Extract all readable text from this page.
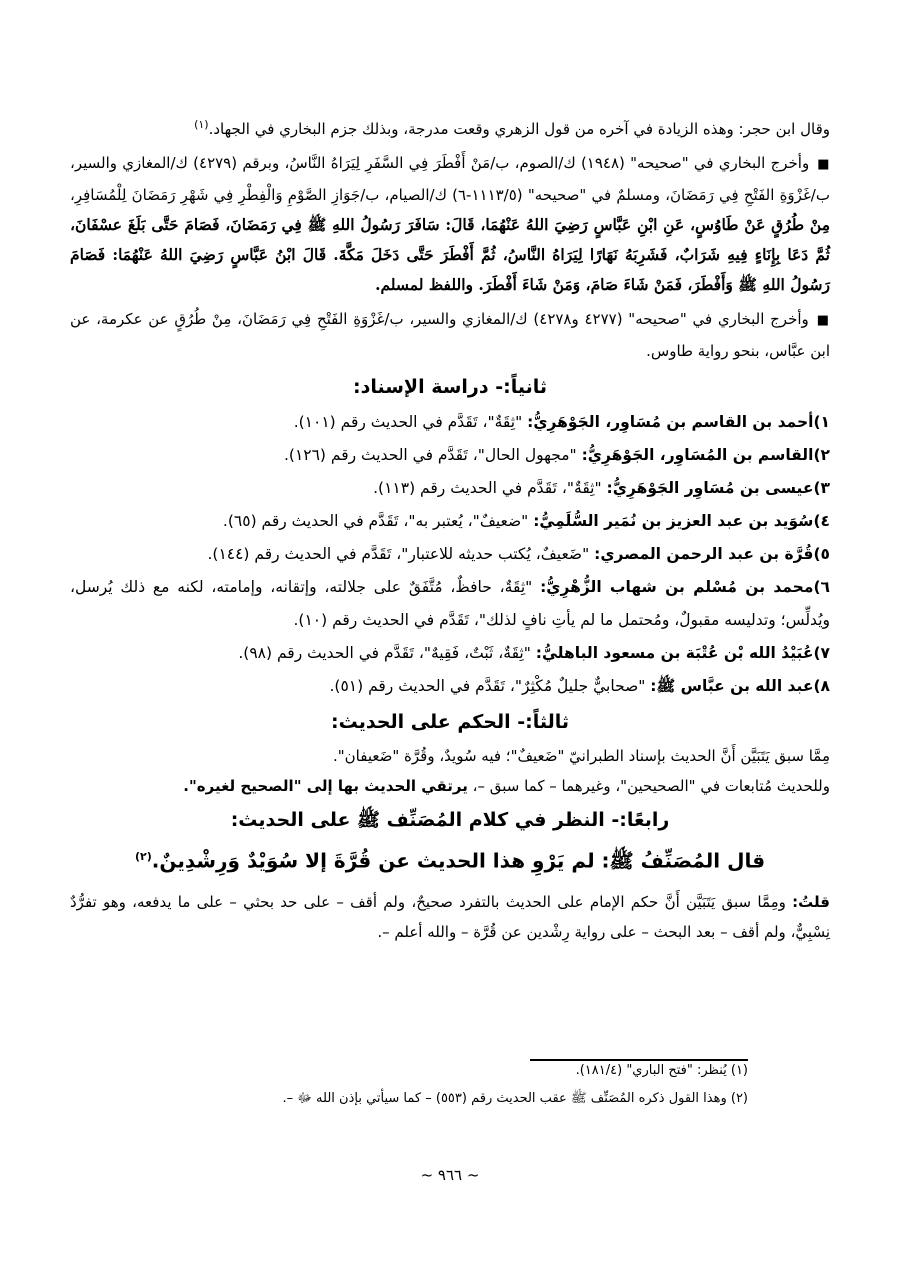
وقال ابن حجر: وهذه الزيادة في آخره من قول الزهري وقعت مدرجة، وبذلك جزم البخاري في الجهاد.$^{(١)}$

■وأخرج البخاري في "صحيحه" (١٩٤٨) ك/الصوم، ب/مَنْ أَفْطَرَ فِي السَّفَرِ لِيَرَاهُ النَّاسُ، وبرقم (٤٢٧٩) ك/المغازي والسير، ب/غَزْوَةِ الفَتْحِ فِي رَمَضَانَ، ومسلمٌ في "صحيحه" (١١١٣/٥-٦) ك/الصيام، ب/جَوَازِ الصَّوْمِ وَالْفِطْرِ فِي شَهْرِ رَمَضَانَ لِلْمُسَافِرِ، مِنْ طُرُقٍ عَنْ طَاوُسٍ، عَنِ ابْنِ عَبَّاسٍ رَضِيَ اللهُ عَنْهُمَا، قَالَ: سَافَرَ رَسُولُ اللهِ ﷺ فِي رَمَضَانَ، فَصَامَ حَتَّى بَلَغَ عسْفَانَ، ثُمَّ دَعَا بِإِنَاءٍ فِيهِ شَرَابٌ، فَشَرِبَهُ نَهَارًا لِيَرَاهُ النَّاسُ، ثُمَّ أَفْطَرَ حَتَّى دَخَلَ مَكَّةَ. قَالَ ابْنُ عَبَّاسٍ رَضِيَ اللهُ عَنْهُمَا: فَصَامَ رَسُولُ اللهِ ﷺ وَأَفْطَرَ، فَمَنْ شَاءَ صَامَ، وَمَنْ شَاءَ أَفْطَرَ. واللفظ لمسلم.

■وأخرج البخاري في "صحيحه" (٤٢٧٧ و٤٢٧٨) ك/المغازي والسير، ب/غَزْوَةِ الفَتْحِ فِي رَمَضَانَ، مِنْ طُرُقٍ عن عكرمة، عن ابن عبَّاس، بنحو رواية طاوس.

ثانياً:- دراسة الإسناد:
١)أحمد بن القاسم بن مُسَاوِر، الجَوْهَرِيُّ: "ثِقَةٌ"، تَقَدَّم في الحديث رقم (١٠١).
٢)القاسم بن المُسَاوِر، الجَوْهَرِيُّ: "مجهول الحال"، تَقَدَّم في الحديث رقم (١٢٦).
٣)عيسى بن مُسَاوِر الجَوْهَرِيُّ: "ثِقَةٌ"، تَقَدَّم في الحديث رقم (١١٣).
٤)سُوَيد بن عبد العزيز بن نُمَير السُّلَمِيُّ: "ضعيفٌ"، يُعتبر به"، تَقَدَّم في الحديث رقم (٦٥).
٥)قُرَّة بن عبد الرحمن المصري: "ضَعيفٌ، يُكتب حديثه للاعتبار"، تَقَدَّم في الحديث رقم (١٤٤).
٦)محمد بن مُسْلم بن شهاب الزُّهْرِيُّ: "ثِقَةٌ، حافظٌ، مُتَّفَقٌ على جلالته، وإتقانه، وإمامته، لكنه مع ذلك يُرسل، ويُدلِّس؛ وتدليسه مقبولٌ، ومُحتمل ما لم يأتِ نافٍ لذلك"، تَقَدَّم في الحديث رقم (١٠).
٧)عُبَيْدُ الله بْن عُتْبَة بن مسعود الباهليُّ: "ثِقَةٌ، ثَبْتٌ، فَقِيهٌ"، تَقَدَّم في الحديث رقم (٩٨).
٨)عبد الله بن عبَّاس ﷺ: "صحابيٌّ جليلٌ مُكْثِرٌ"، تَقَدَّم في الحديث رقم (٥١).
ثالثاً:- الحكم على الحديث:

مِمَّا سبق يَتَبَيَّن أَنَّ الحديث بإسناد الطبرانيّ "ضَعيفٌ"؛ فيه سُويدٌ، وقُرَّة "ضَعيفان".

وللحديث مُتابعات في "الصحيحين"، وغيرهما – كما سبق –، يرتقي الحديث بها إلى "الصحيح لغيره".

رابعًا:- النظر في كلام المُصَنِّف ﷺ على الحديث:
قال المُصَنِّفُ ﷺ: لم يَرْوِ هذا الحديث عن قُرَّةَ إلا سُوَيْدٌ وَرِشْدِينٌ.$^{(٢)}$

قلتُ: ومِمَّا سبق يَتَبَيَّن أَنَّ حكم الإمام على الحديث بالتفرد صحيحٌ، ولم أقف – على حد بحثي – على ما يدفعه، وهو تفرُّدٌ نِسْبِيٌّ، ولم أقف – بعد البحث – على رواية رِشْدين عن قُرَّة – والله أعلم –.

(١) يُنظر: "فتح الباري" (١٨١/٤).

(٢) وهذا القول ذكره المُصَنِّف ﷺ عقب الحديث رقم (٥٥٣) – كما سيأتي بإذن الله ﷻ –.

~ ٩٦٦ ~
